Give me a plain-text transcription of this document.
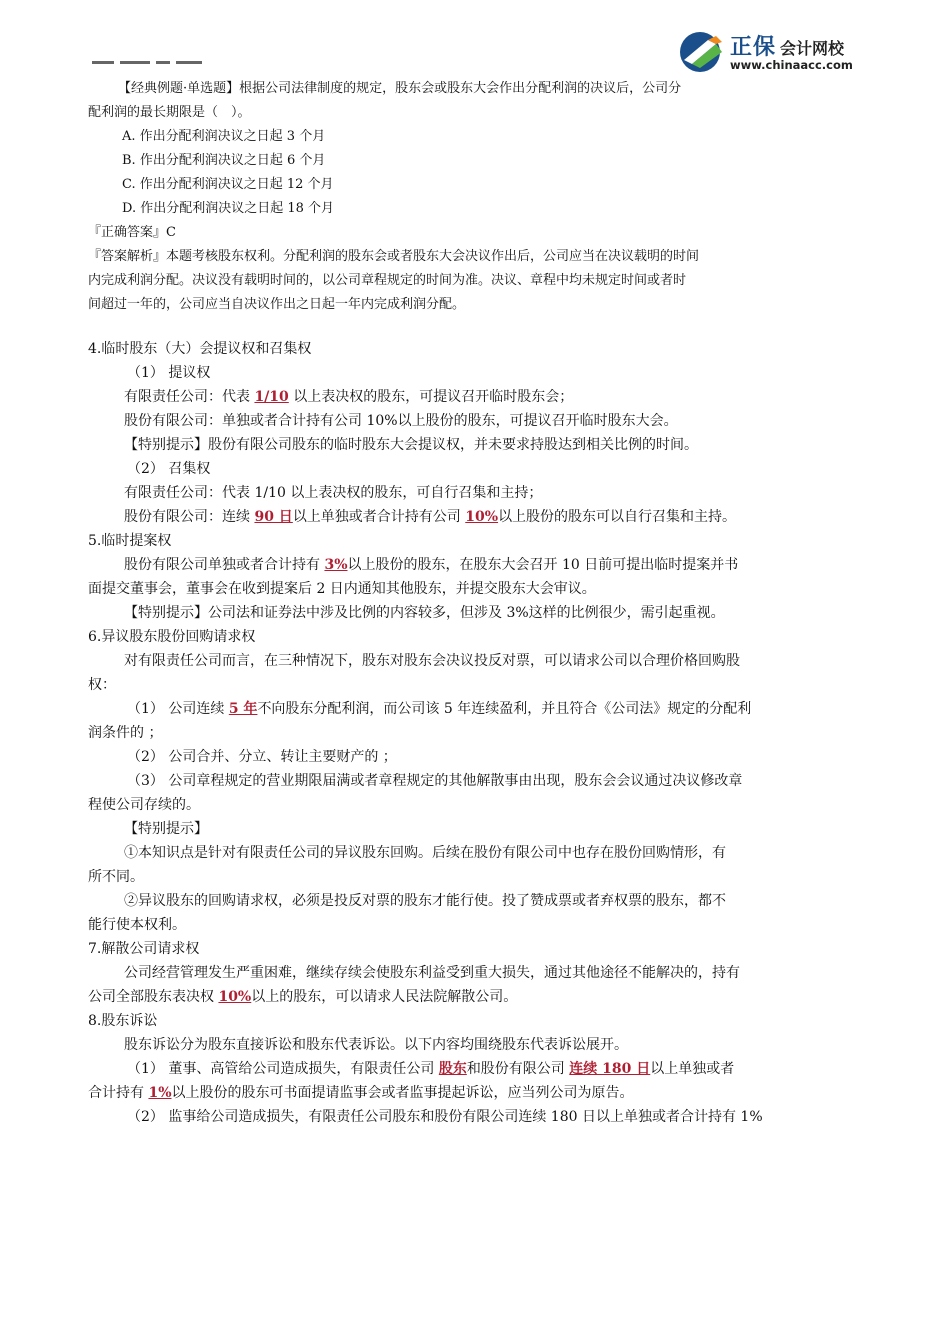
正保 会计网校
www.chinaacc.com
【经典例题·单选题】根据公司法律制度的规定，股东会或股东大会作出分配利润的决议后，公司分
配利润的最长期限是（　）。
A. 作出分配利润决议之日起 3 个月
B. 作出分配利润决议之日起 6 个月
C. 作出分配利润决议之日起 12 个月
D. 作出分配利润决议之日起 18 个月
『正确答案』C
『答案解析』本题考核股东权利。分配利润的股东会或者股东大会决议作出后，公司应当在决议载明的时间
内完成利润分配。决议没有载明时间的，以公司章程规定的时间为准。决议、章程中均未规定时间或者时
间超过一年的，公司应当自决议作出之日起一年内完成利润分配。
4.临时股东（大）会提议权和召集权
（1） 提议权
有限责任公司：代表 1/10 以上表决权的股东，可提议召开临时股东会；
股份有限公司：单独或者合计持有公司 10%以上股份的股东，可提议召开临时股东大会。
【特别提示】股份有限公司股东的临时股东大会提议权，并未要求持股达到相关比例的时间。
（2） 召集权
有限责任公司：代表 1/10 以上表决权的股东，可自行召集和主持；
股份有限公司：连续 90 日以上单独或者合计持有公司 10%以上股份的股东可以自行召集和主持。
5.临时提案权
股份有限公司单独或者合计持有 3%以上股份的股东，在股东大会召开 10 日前可提出临时提案并书
面提交董事会，董事会在收到提案后 2 日内通知其他股东，并提交股东大会审议。
【特别提示】公司法和证券法中涉及比例的内容较多，但涉及 3%这样的比例很少，需引起重视。
6.异议股东股份回购请求权
对有限责任公司而言，在三种情况下，股东对股东会决议投反对票，可以请求公司以合理价格回购股
权：
（1） 公司连续 5 年不向股东分配利润，而公司该 5 年连续盈利，并且符合《公司法》规定的分配利
润条件的 ；
（2） 公司合并、分立、转让主要财产的 ；
（3） 公司章程规定的营业期限届满或者章程规定的其他解散事由出现，股东会会议通过决议修改章
程使公司存续的。
【特别提示】
①本知识点是针对有限责任公司的异议股东回购。后续在股份有限公司中也存在股份回购情形，有
所不同。
②异议股东的回购请求权，必须是投反对票的股东才能行使。投了赞成票或者弃权票的股东，都不
能行使本权利。
7.解散公司请求权
公司经营管理发生严重困难，继续存续会使股东利益受到重大损失，通过其他途径不能解决的，持有
公司全部股东表决权 10%以上的股东，可以请求人民法院解散公司。
8.股东诉讼
股东诉讼分为股东直接诉讼和股东代表诉讼。以下内容均围绕股东代表诉讼展开。
（1） 董事、高管给公司造成损失，有限责任公司 股东和股份有限公司 连续 180 日以上单独或者
合计持有 1%以上股份的股东可书面提请监事会或者监事提起诉讼，应当列公司为原告。
（2） 监事给公司造成损失，有限责任公司股东和股份有限公司连续 180 日以上单独或者合计持有 1%
